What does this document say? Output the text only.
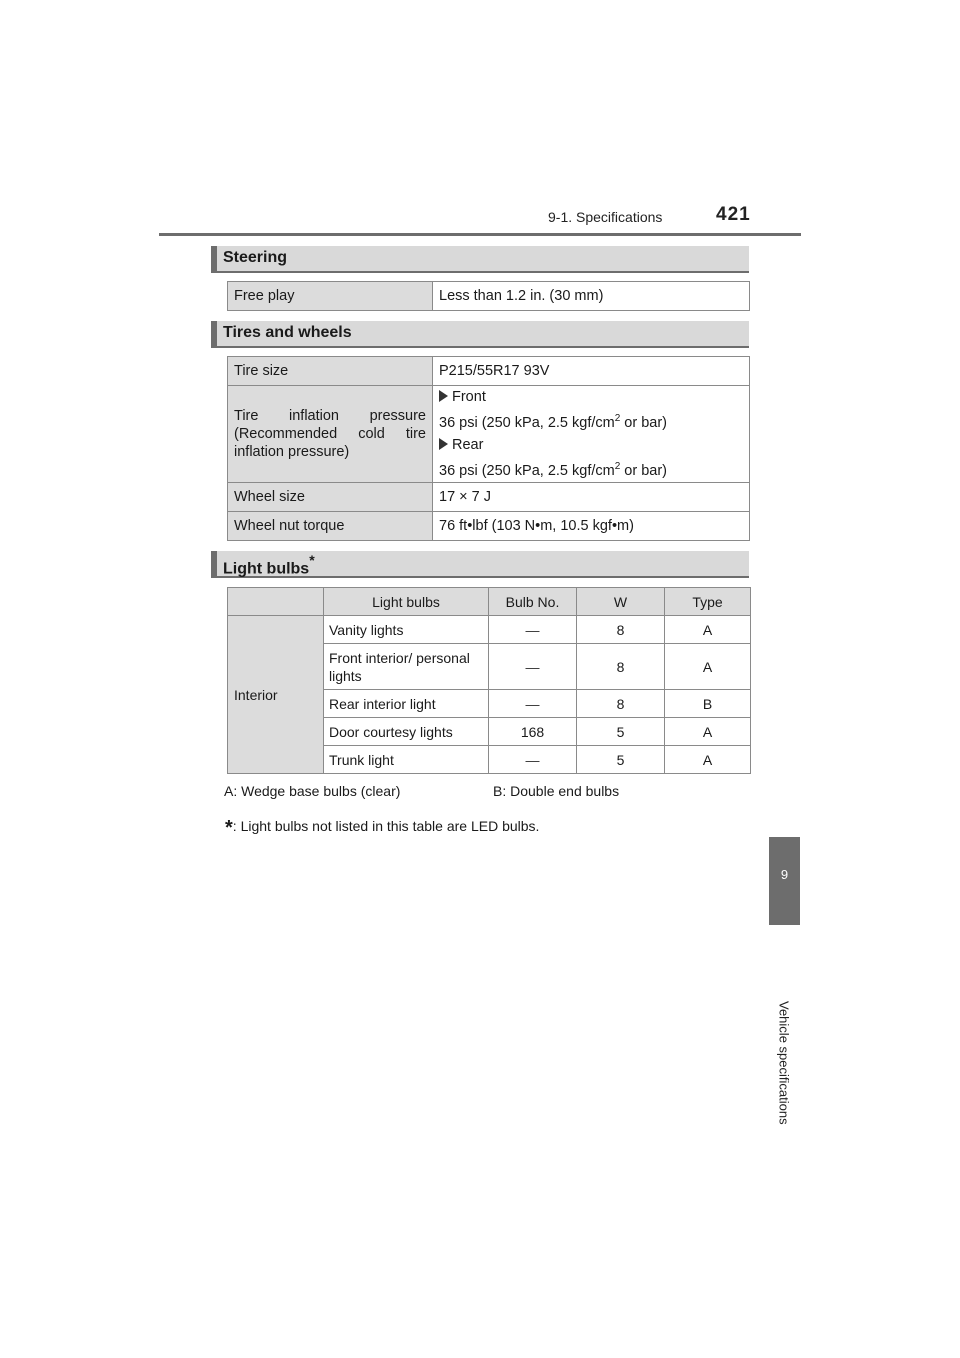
9-1. Specifications	421
Steering
Free play	Less than 1.2 in. (30 mm)
Tires and wheels
Tire size	P215/55R17 93V
Tire inflation pressure (Recommended cold tire inflation pressure)	Front
36 psi (250 kPa, 2.5 kgf/$cm^2$ or bar)
Rear
36 psi (250 kPa, 2.5 kgf/$cm^2$ or bar)

Wheel size	17 × 7 J
Wheel nut torque	76 ft•lbf (103 N•m, 10.5 kgf•m)
Light bulbs*
	Light bulbs	Bulb No.	W	Type
Interior	Vanity lights	—	8	A
	Front interior/ personal lights	—	8	A
	Rear interior light	—	8	B
	Door courtesy lights	168	5	A
	Trunk light	—	5	A
A: Wedge base bulbs (clear)	B: Double end bulbs
*: Light bulbs not listed in this table are LED bulbs.
9
Vehicle specifications
